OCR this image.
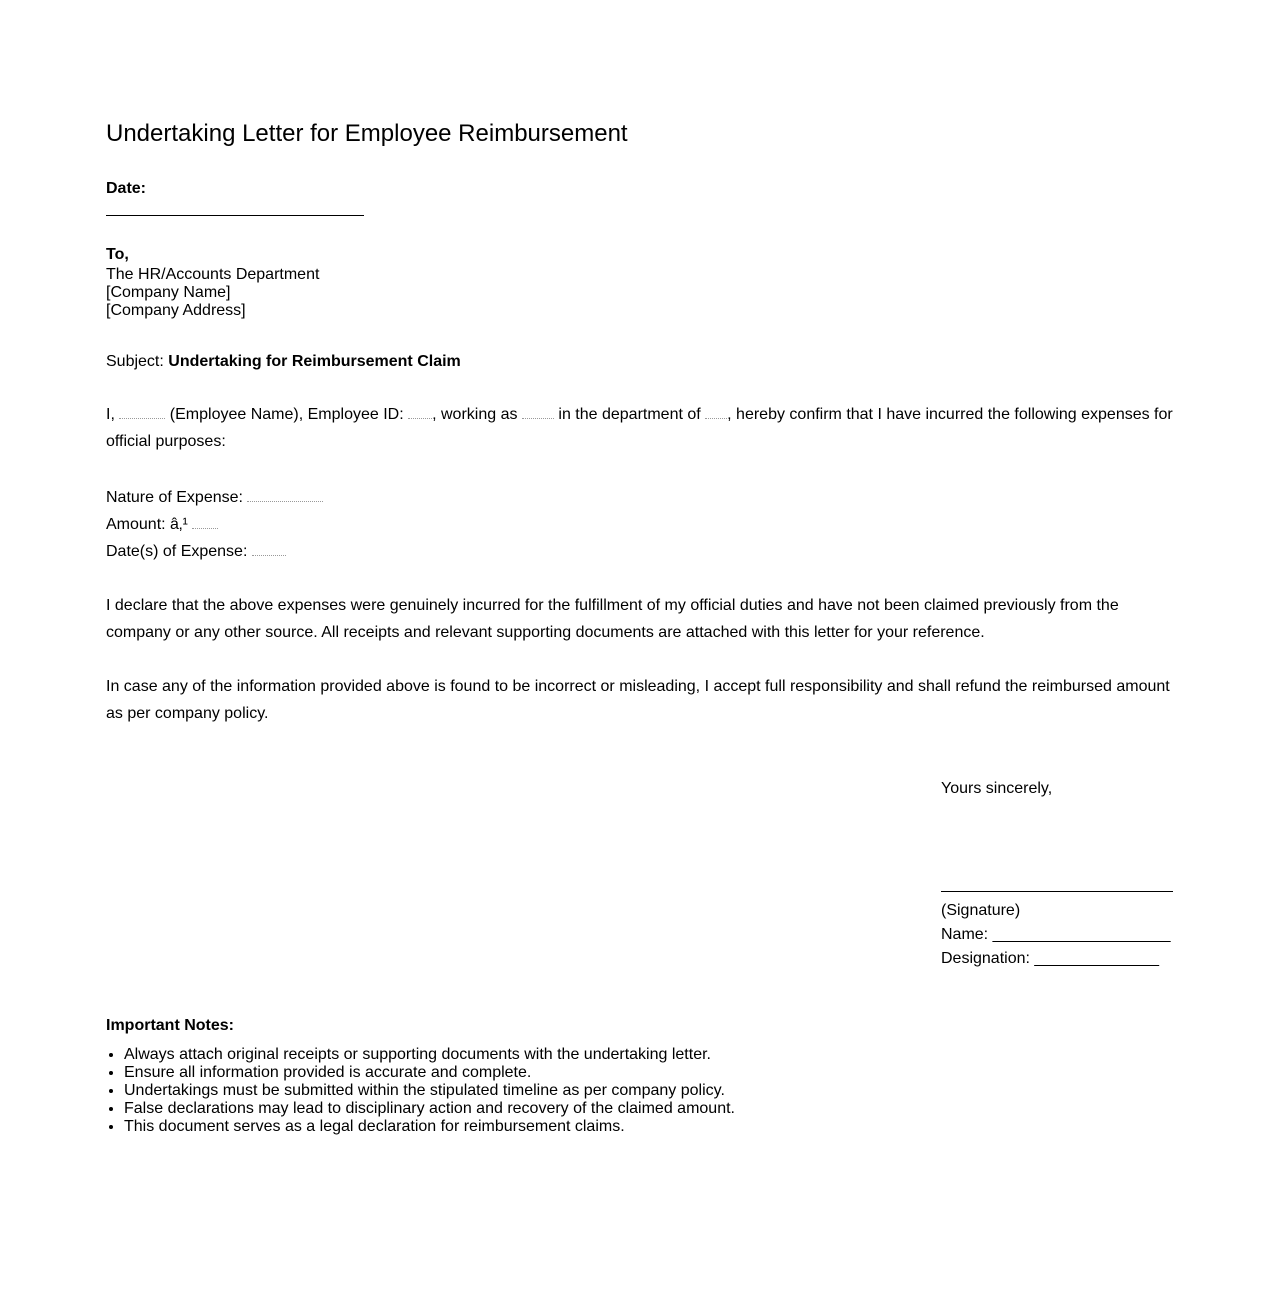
Undertaking Letter for Employee Reimbursement
Date:
To,
The HR/Accounts Department
[Company Name]
[Company Address]
Subject: Undertaking for Reimbursement Claim

I,	(Employee Name), Employee ID: , working as	in the department of , hereby confirm that I have incurred the following expenses for official purposes:

Nature of Expense:
Amount: â‚¹
Date(s) of Expense:

I declare that the above expenses were genuinely incurred for the fulfillment of my official duties and have not been claimed previously from the company or any other source. All receipts and relevant supporting documents are attached with this letter for your reference.

In case any of the information provided above is found to be incorrect or misleading, I accept full responsibility and shall refund the reimbursed amount as per company policy.

Yours sincerely,
(Signature)
Name: ____________________
Designation: ______________
Important Notes:
• Always attach original receipts or supporting documents with the undertaking letter.
• Ensure all information provided is accurate and complete.
• Undertakings must be submitted within the stipulated timeline as per company policy.
• False declarations may lead to disciplinary action and recovery of the claimed amount.
• This document serves as a legal declaration for reimbursement claims.
